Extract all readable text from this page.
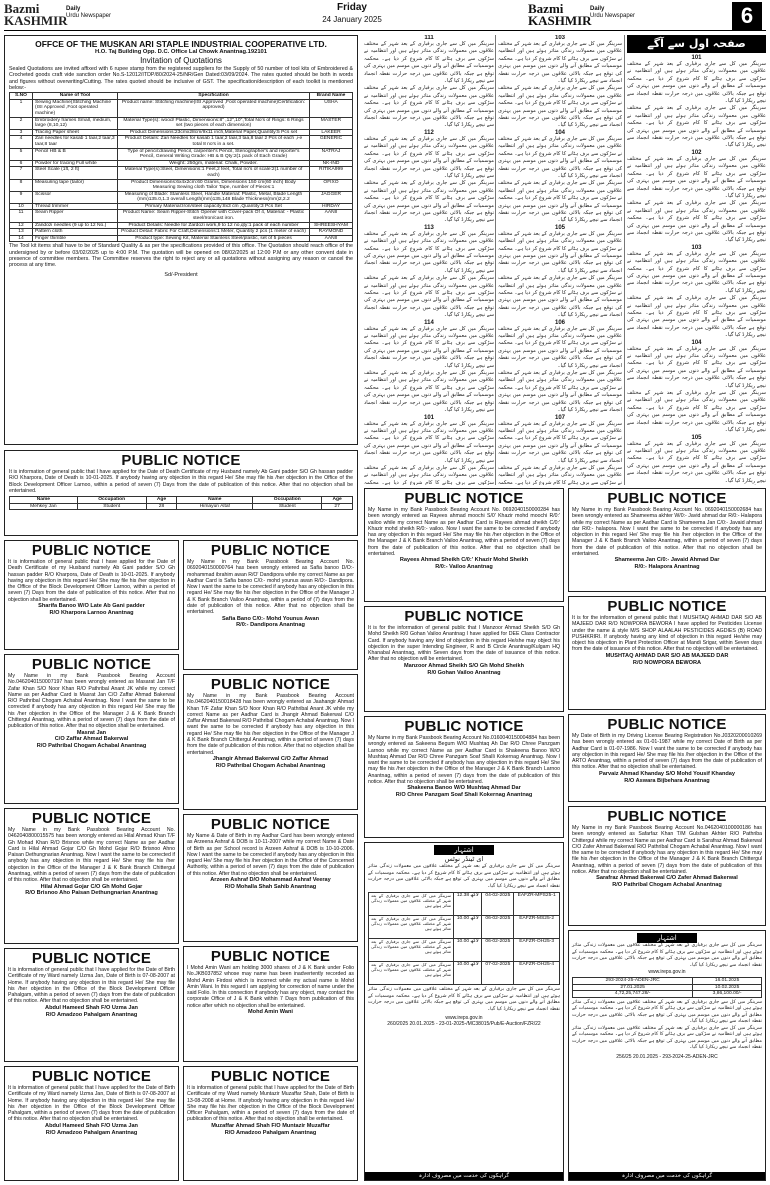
Bazmi
KASHMIR
Daily
Urdu Newspaper
Friday
24 January 2025
Bazmi
KASHMIR
Daily
Urdu Newspaper	6
OFFCE OF THE MUSKAN ARI STAPLE INDUSTRIAL COOPERATIVE LTD.
H.O. Taj Building Opp. D.C. Office Lal Chowk Anantnag.192101
Invitation of Quotations
Sealed Quotations are invited affixed with 6 rupee stamp from the registered suppliers for the Supply of 50 number of tool kits of Embroidered & Crocheted goods craft vide sanction order No.S-12012/ITDP/80/2024-25/NR/Gen Dated:03/09/2024. The rates quoted should be both in words and figures without overwriting/Cutting. The rates quoted should be inclusive of GST. The specification/description of each toolkit is mentioned below:-
S.NO	Name of Tool	Specification	Brand Name
1	Sewing Machine(Stitching Machine (ISI Approved ,Foot operated machine)	Product name: Stitching machine(ISI Approved ,Foot operated machine)Certification: approved)	USHA
2	Embroidery frames Small, medium, large (8,10,12)	Material Type(s): wood/ Plastic, Dimensions:8" ,12",10",Total No's of Rings: 6 Rings set (two pieces of each dimension)	MASTER
3	Tracing Paper sheet	Product Dimensions:23cmx28cm/9x11 inch,Material Paper,Quantity:5 Pcs set	LAKEER
4	Zari needles for kasab 1 taar,2 taar,3 taar,8 taar	Product Details: Zari Needles for kasab 1 taar,2 taar,3 taa,8 taar 2 Pcs of each ,i-e total 8 no's in a set.	GENERIC
5	Pencil HB & B	Type of pencil:drawing Pencil, carpenter's Pencil, Stenographer's and reporter's Pencil, General Writing Grade: HB & B Qty:2(1 pack of Each Grade)	NATRAJ
6	Powder for tracing Full white	Weight: 250gm, material: Chalk, Powder.	NK-IND
7	Steel Scale (1ft, 2 ft)	Material Type(s):Steel, Dimensions:1 Feet,2 feet, Total no's of scale:2(1 number of each)	RITIKA999
8	Measuring tape (tailor)	Product Dimensions:6x4x2cm:60 Grams, Dimensions 150 cm(60 inch) Body Measuring Sewing cloth Tailor Tape, number of Pieces:1	OFIXO
9	Scissor	Measuring of Blade: Stainless Steel, Handle Material: Plastic, Metal, Blade Length (mm)135.0,1.3 overall Length(mm)135,148 Blade Thickness(mm)2,2.2	JAGGER
10	Thread trimmer	Primary Material:Iron/steel capacity:8x3 cm ,Quantity:3 Pcs Set	HIRDAY
11	Seam Ripper	Product Name: Seam Ripper-Stitch Opener with Cover-pack Of 4, Material: - Plastic steel/Iron/cast iron.	AANII
12	Zandozi needles (9 up to 12 No.)	Product Details: Needle for Zardozi work,9 to 12 no,qty:1 pack of each number	SHREESHYAM
13	Pattern cloth	Product Detail: Fabric For Craft,Dimensions:1 Meter, Quantity 2 pcs (1 meter of each)	RAYMOND
14	Finger thimble	Product type: Sewing Kit, Material Stainless Steel/plastic, set of 5 pieces	AANII
The Tool kit items shall have to be of Standard Quality & as per the specifications provided of this office. The Quotation should reach office of the undersigned by or before 03/02/2025 up to 4:00 P.M. The quotation will be opened on 08/02/2025 at 12:00 P.M or any other convent date in presence of committee members. The Committee reserves the right to reject any or all quotations without assigning any reason or cancel the process at any time.
Sd/-President
111
سرینگر میں کل سے جاری برفباری کے بعد شہر کے مختلف علاقوں میں معمولات زندگی متاثر ہوئے ہیں اور انتظامیہ نے سڑکوں سے برف ہٹانے کا کام شروع کر دیا ہے۔ محکمہ موسمیات کے مطابق آنے والے دنوں میں موسم میں بہتری کی توقع ہے جبکہ بالائی علاقوں میں درجہ حرارت نقطہ انجماد سے نیچے ریکارڈ کیا گیا۔
سرینگر میں کل سے جاری برفباری کے بعد شہر کے مختلف علاقوں میں معمولات زندگی متاثر ہوئے ہیں اور انتظامیہ نے سڑکوں سے برف ہٹانے کا کام شروع کر دیا ہے۔ محکمہ موسمیات کے مطابق آنے والے دنوں میں موسم میں بہتری کی توقع ہے جبکہ بالائی علاقوں میں درجہ حرارت نقطہ انجماد سے نیچے ریکارڈ کیا گیا۔
112
سرینگر میں کل سے جاری برفباری کے بعد شہر کے مختلف علاقوں میں معمولات زندگی متاثر ہوئے ہیں اور انتظامیہ نے سڑکوں سے برف ہٹانے کا کام شروع کر دیا ہے۔ محکمہ موسمیات کے مطابق آنے والے دنوں میں موسم میں بہتری کی توقع ہے جبکہ بالائی علاقوں میں درجہ حرارت نقطہ انجماد سے نیچے ریکارڈ کیا گیا۔
سرینگر میں کل سے جاری برفباری کے بعد شہر کے مختلف علاقوں میں معمولات زندگی متاثر ہوئے ہیں اور انتظامیہ نے سڑکوں سے برف ہٹانے کا کام شروع کر دیا ہے۔ محکمہ موسمیات کے مطابق آنے والے دنوں میں موسم میں بہتری کی توقع ہے جبکہ بالائی علاقوں میں درجہ حرارت نقطہ انجماد سے نیچے ریکارڈ کیا گیا۔
113
سرینگر میں کل سے جاری برفباری کے بعد شہر کے مختلف علاقوں میں معمولات زندگی متاثر ہوئے ہیں اور انتظامیہ نے سڑکوں سے برف ہٹانے کا کام شروع کر دیا ہے۔ محکمہ موسمیات کے مطابق آنے والے دنوں میں موسم میں بہتری کی توقع ہے جبکہ بالائی علاقوں میں درجہ حرارت نقطہ انجماد سے نیچے ریکارڈ کیا گیا۔
سرینگر میں کل سے جاری برفباری کے بعد شہر کے مختلف علاقوں میں معمولات زندگی متاثر ہوئے ہیں اور انتظامیہ نے سڑکوں سے برف ہٹانے کا کام شروع کر دیا ہے۔ محکمہ موسمیات کے مطابق آنے والے دنوں میں موسم میں بہتری کی توقع ہے جبکہ بالائی علاقوں میں درجہ حرارت نقطہ انجماد سے نیچے ریکارڈ کیا گیا۔
114
سرینگر میں کل سے جاری برفباری کے بعد شہر کے مختلف علاقوں میں معمولات زندگی متاثر ہوئے ہیں اور انتظامیہ نے سڑکوں سے برف ہٹانے کا کام شروع کر دیا ہے۔ محکمہ موسمیات کے مطابق آنے والے دنوں میں موسم میں بہتری کی توقع ہے جبکہ بالائی علاقوں میں درجہ حرارت نقطہ انجماد سے نیچے ریکارڈ کیا گیا۔
سرینگر میں کل سے جاری برفباری کے بعد شہر کے مختلف علاقوں میں معمولات زندگی متاثر ہوئے ہیں اور انتظامیہ نے سڑکوں سے برف ہٹانے کا کام شروع کر دیا ہے۔ محکمہ موسمیات کے مطابق آنے والے دنوں میں موسم میں بہتری کی توقع ہے جبکہ بالائی علاقوں میں درجہ حرارت نقطہ انجماد سے نیچے ریکارڈ کیا گیا۔
101
سرینگر میں کل سے جاری برفباری کے بعد شہر کے مختلف علاقوں میں معمولات زندگی متاثر ہوئے ہیں اور انتظامیہ نے سڑکوں سے برف ہٹانے کا کام شروع کر دیا ہے۔ محکمہ موسمیات کے مطابق آنے والے دنوں میں موسم میں بہتری کی توقع ہے جبکہ بالائی علاقوں میں درجہ حرارت نقطہ انجماد سے نیچے ریکارڈ کیا گیا۔
سرینگر میں کل سے جاری برفباری کے بعد شہر کے مختلف علاقوں میں معمولات زندگی متاثر ہوئے ہیں اور انتظامیہ نے سڑکوں سے برف ہٹانے کا کام شروع کر دیا ہے۔ محکمہ
103
سرینگر میں کل سے جاری برفباری کے بعد شہر کے مختلف علاقوں میں معمولات زندگی متاثر ہوئے ہیں اور انتظامیہ نے سڑکوں سے برف ہٹانے کا کام شروع کر دیا ہے۔ محکمہ موسمیات کے مطابق آنے والے دنوں میں موسم میں بہتری کی توقع ہے جبکہ بالائی علاقوں میں درجہ حرارت نقطہ انجماد سے نیچے ریکارڈ کیا گیا۔
سرینگر میں کل سے جاری برفباری کے بعد شہر کے مختلف علاقوں میں معمولات زندگی متاثر ہوئے ہیں اور انتظامیہ نے سڑکوں سے برف ہٹانے کا کام شروع کر دیا ہے۔ محکمہ موسمیات کے مطابق آنے والے دنوں میں موسم میں بہتری کی توقع ہے جبکہ بالائی علاقوں میں درجہ حرارت نقطہ انجماد سے نیچے ریکارڈ کیا گیا۔
104
سرینگر میں کل سے جاری برفباری کے بعد شہر کے مختلف علاقوں میں معمولات زندگی متاثر ہوئے ہیں اور انتظامیہ نے سڑکوں سے برف ہٹانے کا کام شروع کر دیا ہے۔ محکمہ موسمیات کے مطابق آنے والے دنوں میں موسم میں بہتری کی توقع ہے جبکہ بالائی علاقوں میں درجہ حرارت نقطہ انجماد سے نیچے ریکارڈ کیا گیا۔
سرینگر میں کل سے جاری برفباری کے بعد شہر کے مختلف علاقوں میں معمولات زندگی متاثر ہوئے ہیں اور انتظامیہ نے سڑکوں سے برف ہٹانے کا کام شروع کر دیا ہے۔ محکمہ موسمیات کے مطابق آنے والے دنوں میں موسم میں بہتری کی توقع ہے جبکہ بالائی علاقوں میں درجہ حرارت نقطہ انجماد سے نیچے ریکارڈ کیا گیا۔
105
سرینگر میں کل سے جاری برفباری کے بعد شہر کے مختلف علاقوں میں معمولات زندگی متاثر ہوئے ہیں اور انتظامیہ نے سڑکوں سے برف ہٹانے کا کام شروع کر دیا ہے۔ محکمہ موسمیات کے مطابق آنے والے دنوں میں موسم میں بہتری کی توقع ہے جبکہ بالائی علاقوں میں درجہ حرارت نقطہ انجماد سے نیچے ریکارڈ کیا گیا۔
سرینگر میں کل سے جاری برفباری کے بعد شہر کے مختلف علاقوں میں معمولات زندگی متاثر ہوئے ہیں اور انتظامیہ نے سڑکوں سے برف ہٹانے کا کام شروع کر دیا ہے۔ محکمہ موسمیات کے مطابق آنے والے دنوں میں موسم میں بہتری کی توقع ہے جبکہ بالائی علاقوں میں درجہ حرارت نقطہ انجماد سے نیچے ریکارڈ کیا گیا۔
106
سرینگر میں کل سے جاری برفباری کے بعد شہر کے مختلف علاقوں میں معمولات زندگی متاثر ہوئے ہیں اور انتظامیہ نے سڑکوں سے برف ہٹانے کا کام شروع کر دیا ہے۔ محکمہ موسمیات کے مطابق آنے والے دنوں میں موسم میں بہتری کی توقع ہے جبکہ بالائی علاقوں میں درجہ حرارت نقطہ انجماد سے نیچے ریکارڈ کیا گیا۔
سرینگر میں کل سے جاری برفباری کے بعد شہر کے مختلف علاقوں میں معمولات زندگی متاثر ہوئے ہیں اور انتظامیہ نے سڑکوں سے برف ہٹانے کا کام شروع کر دیا ہے۔ محکمہ موسمیات کے مطابق آنے والے دنوں میں موسم میں بہتری کی توقع ہے جبکہ بالائی علاقوں میں درجہ حرارت نقطہ انجماد سے نیچے ریکارڈ کیا گیا۔
107
سرینگر میں کل سے جاری برفباری کے بعد شہر کے مختلف علاقوں میں معمولات زندگی متاثر ہوئے ہیں اور انتظامیہ نے سڑکوں سے برف ہٹانے کا کام شروع کر دیا ہے۔ محکمہ موسمیات کے مطابق آنے والے دنوں میں موسم میں بہتری کی توقع ہے جبکہ بالائی علاقوں میں درجہ حرارت نقطہ انجماد سے نیچے ریکارڈ کیا گیا۔
سرینگر میں کل سے جاری برفباری کے بعد شہر کے مختلف علاقوں میں معمولات زندگی متاثر ہوئے ہیں اور انتظامیہ نے سڑکوں سے برف ہٹانے کا کام شروع کر دیا ہے۔ محکمہ
صفحہ اول سے آگے
101
سرینگر میں کل سے جاری برفباری کے بعد شہر کے مختلف علاقوں میں معمولات زندگی متاثر ہوئے ہیں اور انتظامیہ نے سڑکوں سے برف ہٹانے کا کام شروع کر دیا ہے۔ محکمہ موسمیات کے مطابق آنے والے دنوں میں موسم میں بہتری کی توقع ہے جبکہ بالائی علاقوں میں درجہ حرارت نقطہ انجماد سے نیچے ریکارڈ کیا گیا۔
سرینگر میں کل سے جاری برفباری کے بعد شہر کے مختلف علاقوں میں معمولات زندگی متاثر ہوئے ہیں اور انتظامیہ نے سڑکوں سے برف ہٹانے کا کام شروع کر دیا ہے۔ محکمہ موسمیات کے مطابق آنے والے دنوں میں موسم میں بہتری کی توقع ہے جبکہ بالائی علاقوں میں درجہ حرارت نقطہ انجماد سے نیچے ریکارڈ کیا گیا۔
102
سرینگر میں کل سے جاری برفباری کے بعد شہر کے مختلف علاقوں میں معمولات زندگی متاثر ہوئے ہیں اور انتظامیہ نے سڑکوں سے برف ہٹانے کا کام شروع کر دیا ہے۔ محکمہ موسمیات کے مطابق آنے والے دنوں میں موسم میں بہتری کی توقع ہے جبکہ بالائی علاقوں میں درجہ حرارت نقطہ انجماد سے نیچے ریکارڈ کیا گیا۔
سرینگر میں کل سے جاری برفباری کے بعد شہر کے مختلف علاقوں میں معمولات زندگی متاثر ہوئے ہیں اور انتظامیہ نے سڑکوں سے برف ہٹانے کا کام شروع کر دیا ہے۔ محکمہ موسمیات کے مطابق آنے والے دنوں میں موسم میں بہتری کی توقع ہے جبکہ بالائی علاقوں میں درجہ حرارت نقطہ انجماد سے نیچے ریکارڈ کیا گیا۔
103
سرینگر میں کل سے جاری برفباری کے بعد شہر کے مختلف علاقوں میں معمولات زندگی متاثر ہوئے ہیں اور انتظامیہ نے سڑکوں سے برف ہٹانے کا کام شروع کر دیا ہے۔ محکمہ موسمیات کے مطابق آنے والے دنوں میں موسم میں بہتری کی توقع ہے جبکہ بالائی علاقوں میں درجہ حرارت نقطہ انجماد سے نیچے ریکارڈ کیا گیا۔
سرینگر میں کل سے جاری برفباری کے بعد شہر کے مختلف علاقوں میں معمولات زندگی متاثر ہوئے ہیں اور انتظامیہ نے سڑکوں سے برف ہٹانے کا کام شروع کر دیا ہے۔ محکمہ موسمیات کے مطابق آنے والے دنوں میں موسم میں بہتری کی توقع ہے جبکہ بالائی علاقوں میں درجہ حرارت نقطہ انجماد سے نیچے ریکارڈ کیا گیا۔
104
سرینگر میں کل سے جاری برفباری کے بعد شہر کے مختلف علاقوں میں معمولات زندگی متاثر ہوئے ہیں اور انتظامیہ نے سڑکوں سے برف ہٹانے کا کام شروع کر دیا ہے۔ محکمہ موسمیات کے مطابق آنے والے دنوں میں موسم میں بہتری کی توقع ہے جبکہ بالائی علاقوں میں درجہ حرارت نقطہ انجماد سے نیچے ریکارڈ کیا گیا۔
سرینگر میں کل سے جاری برفباری کے بعد شہر کے مختلف علاقوں میں معمولات زندگی متاثر ہوئے ہیں اور انتظامیہ نے سڑکوں سے برف ہٹانے کا کام شروع کر دیا ہے۔ محکمہ موسمیات کے مطابق آنے والے دنوں میں موسم میں بہتری کی توقع ہے جبکہ بالائی علاقوں میں درجہ حرارت نقطہ انجماد سے نیچے ریکارڈ کیا گیا۔
105
سرینگر میں کل سے جاری برفباری کے بعد شہر کے مختلف علاقوں میں معمولات زندگی متاثر ہوئے ہیں اور انتظامیہ نے سڑکوں سے برف ہٹانے کا کام شروع کر دیا ہے۔ محکمہ موسمیات کے مطابق آنے والے دنوں میں موسم میں بہتری کی توقع ہے جبکہ بالائی علاقوں میں درجہ حرارت نقطہ انجماد سے نیچے ریکارڈ کیا گیا۔
PUBLIC NOTICE
It is information of general public that I have applied for the Date of Death Certificate of my Husband namely Ab Gani padder S/O Gh hassan padder R/O Kharpora, Date of Death is 10-01-2025. If anybody having any objection in this regard He/ She may file his /her objection in the Office of the Block Development Officer Larnoo, within a period of seven (7) Days from the date of publication of this notice. After that no objection shall be entertained.
Name	Occupation	Age	Name	Occupation	Age
Mehkey Jan	Student	28	Himayun Altaf	Student	27
PUBLIC NOTICE
It is information of general public that I have applied for the Date of Death Certificate of my Husband namely Ab Gani padder S/O Gh hassan padder R/O Kharpora, Date of Death is 10-01-2025. If anybody having any objection in this regard He/ She may file his /her objection in the Office of the Block Development Officer Larnoo, within a period of seven (7) Days from the date of publication of this notice. After that no objection shall be entertained.
Sharifa Banoo W/O Late Ab Gani padder
R/O Kharpora Larnoo Anantnag
PUBLIC NOTICE
My Name in my Bank Passbook Bearing Account No.0462040150007197 has been wrongly entered as Masarat Jan T/F Zafar Khan S/O Noor Khan R/O Pathribal Anant JK while my correct Name as per Aadhar Card is Masrat Jan C/O Zaffar Ahmad Bakerwal R/O Pathribal Chogam Achabal Anantnag. Now I want the same to be corrected if anybody has any objection in this regard He/ She may file his /her objection in the Office of the Manager J & K Bank Branch Chittergul Anantnag, within a period of seven (7) days from the date of publication of this notice. After that no objection shall be entertained.
Masrat Jan
C/O Zaffar Ahmad Bakerwal
R/O Pathribal Chogam Achabal Anantnag
PUBLIC NOTICE
My Name in my Bank Passbook Bearing Account No. 0462040800015575 has been wrongly entered as Hilal Ahmad Khan T/F Gh Mohad Khan R/O Brisnoo while my correct Name as per Aadhar Card is Hilal Ahmad Gojar C/O Gh Mohd Gojar R/O Brisnoo Ahno Paisan Dethungnarian Anantnag. Now I want the same to be corrected if anybody has any objection in this regard He/ She may file his /her objection in the Office of the Manager J & K Bank Branch Chittergul Anantnag, within a period of seven (7) days from the date of publication of this notice. After that no objection shall be entertained.
Hilal Ahmad Gojar C/O Gh Mohd Gojar
R/O Brisnoo Aho Paisan Dethungnarian Anantnag
PUBLIC NOTICE
It is information of general public that I have applied for the Date of Birth Certificate of my Ward namely Uzma Jan, Date of Birth is 07-08-2007 at Home. If anybody having any objection in this regard He/ She may file his /her objection in the Office of the Block Development Officer Pahalgam, within a period of seven (7) days from the date of publication of this notice. After that no objection shall be entertained.
Abdul Hameed Shah F/O Uzma Jan
R/O Amadzoo Pahalgam Anantnag
PUBLIC NOTICE
It is information of general public that I have applied for the Date of Birth Certificate of my Ward namely Uzma Jan, Date of Birth is 07-08-2007 at Home. If anybody having any objection in this regard He/ She may file his /her objection in the Office of the Block Development Officer Pahalgam, within a period of seven (7) days from the date of publication of this notice. After that no objection shall be entertained.
Abdul Hameed Shah F/O Uzma Jan
R/O Amadzoo Pahalgam Anantnag
PUBLIC NOTICE
My Name in my Bank Passbook Bearing Account No. 0692040150000764 has been wrongly entered as Safia banoo D/O:- mohammad ibrahim awan R/O' Dandipora while my correct Name as per Aadhar Card is Safia banoo C/0:- mohd younus awan R/O:- Dandipora. Now I want the same to be corrected if anybody has any objection in this regard He/ She may file his /her objection in the Office of the Manager J & K Bank Branch Vailoo Anantnag, within a period of (7) days from the date of publication of this notice. After that no objection shall be entertained.
Safia Bano C/0:- Mohd Younus Awan
R/0:- Dandipora Anantnag
PUBLIC NOTICE
My Name in my Bank Passbook Bearing Account No.0462040150018428 has been wrongly entered as Jaahangir Ahmad Khan T/F Zafar Khan S/O Noor Khan R/O Pathribal Anant JK while my correct Name as per Aadhar Card is Jhangir Ahmad Bakerwal C/O Zaffar Ahmad Bakerwal R/O Pathribal Chogam Achabal Anantnag. Now I want the same to be corrected if anybody has any objection in this regard He/ She may file his /her objection in the Office of the Manager J & K Bank Branch Chittergul Anantnag, within a period of seven (7) days from the date of publication of this notice. After that no objection shall be entertained.
Jhangir Ahmad Bakerwal C/O Zaffar Ahmad
R/O Pathribal Chogam Achabal Anantnag
PUBLIC NOTICE
My Name & Date of Birth in my Aadhar Card has been wrongly entered as Arzeena Ashraf & DOB is 10-11-2007 while my correct Name & Date of Birth as per School record is Arzeen Ashraf & DOB is 10-10-2006. Now I want the same to be corrected if anybody has any objection in this regard He/ She may file his /her objection in the Office of the Concerned Authority, within a period of seven (7) days from the date of publication of this notice. After that no objection shall be entertained.
Arzeen Ashraf D/O Mohammad Ashraf Veeray
R/O Mohalla Shah Sahib Anantnag
PUBLIC NOTICE
I Mohd Amin Wani am holding 3000 shares of J & K Bank under Folio No.JKB037852 whose may name has been inadvertently recorded as Mohd Amin Firdosi which is incorrect while my actual name is Mohd Amin Wani. In this regard I am applying for correction of name under the said Folio. In this connection if anybody has any object, may contact the corporate Office of J & K Bank within 7 Days from publication of this notice after which no objection shall be entertained.
Mohd Amin Wani
PUBLIC NOTICE
It is information of general public that I have applied for the Date of Birth Certificate of my Ward namely Muntazir Muzaffar Shah, Date of Birth is 13-08-2008 at Home. If anybody having any objection in this regard He/ She may file his /her objection in the Office of the Block Development Officer Pahalgam, within a period of seven (7) days from the date of publication of this notice. After that no objection shall be entertained.
Muzaffar Ahmad Shah F/O Muntazir Muzaffar
R/O Amadzoo Pahalgam Anantnag
PUBLIC NOTICE
My Name in my Bank Passbook Bearing Account No. 0692040150000284 has been wrongly entered as Rayees ahmad moochi S/0' Khazir mohd moochi R/0:' vailoo while my correct Name as per Aadhar Card is Rayees ahmad sheikh C/0:' Khazir mohd sheikh R/0:- vailoo. Now I want the same to be corrected if anybody has any objection in this regard He/ She may file his /her objection in the Office of the Manager J & K Bank Branch Vailoo Anantnag, within a period of seven (7) days from the date of publication of this notice. After that no objection shall be entertained.
Rayees Ahmad Sheikh C/0:' Khazir Mohd Sheikh
R/0:- Vailoo Anantnag
PUBLIC NOTICE
It is for the information of general public that I Manzoor Ahmad Sheikh S/O Gh Mohd Sheikh R/0 Gohan Vailoo Anantnag I have applied for DEE Class Contractor Card. If anybody having any kind of objection in this regard He/she may object his objection in the super Intending Engineer, R and B Circle Anantnag/Kulgam HQ Khanabal Anantnag, within Seven days from the date of issuance of this notice. After that no objection will be entertained.
Manzoor Ahmad Sheikh S/O Gh Mohd Sheikh
R/0 Gohan Vailoo Anantnag
PUBLIC NOTICE
My Name in my Bank Passbook Bearing Account No.0160040150004884 has been wrongly entered as Sakeena Begum W/O Mushtaq Ah Dar R/O Chree Panzgam Larnoo while my correct Name as per Aadhar Card is Shakeena Banoo W/O Mushtaq Ahmad Dar R/O Chree Panzgam Soaf Shalli Kokernag Anantnag. Now I want the same to be corrected if anybody has any objection in this regard He/ She may file his /her objection in the Office of the Manager J & K Bank Branch Larnoo Anantnag, within a period of seven (7) days from the date of publication of this notice. After that no objection shall be entertained.
Shakeena Banoo W/O Mushtaq Ahmad Dar
R/O Chree Panzgam Soaf Shali Kokernag Anantnag
PUBLIC NOTICE
My Name in my Bank Passbook Bearing Account No. 0692040150002684 has been wrongly entered as Shameema akhter W/0:- Javid ahmad dar R/0:- Halapora while my correct Name as per Aadhar Card is Shameema Jan C/0:- Javaid ahmad dar R/0:- halapora. Now I want the same to be corrected if anybody has any objection in this regard He/ She may file his /her objection in the Office of the Manager J & K Bank Branch Vailoo Anantnag, within a period of seven (7) days from the date of publication of this notice. After that no objection shall be entertained.
Shameema Jan C/0:- Javaid Ahmad Dar
R/0:- Halapora Anantnag
PUBLIC NOTICE
It is for the information of general public that I MUSHTAQ AHMAD DAR S/O AB MAJEED DAR R/O NOWPORA BEWORA I have applied for Pesticides License under the name & style M/S SHOP ALAALAH PESTICIDES AGDIES (B) ROAD PUSHKRIRI. If anybody having any kind of objection in this regard He/she may object his objection in Plant Protection Officer at Mandi Srigar, within Seven days from the date of issuance of this notice. After that no objection will be entertained.
MUSHTAQ AHMAD DAR S/O AB MAJEED DAR
R/O NOWPORA BEWORA
PUBLIC NOTICE
My Date of Birth in my Driving License Bearing Registration No.J0320200010269 has been wrongly entered as 01-01-1987 while my correct Date of Birth as per Aadhar Card is 01-07-1986. Now I want the same to be corrected if anybody has any objection in this regard He/ She may file his /her objection in the Office of the ARTO Anantnag, within a period of seven (7) days from the date of publication of this notice. After that no objection shall be entertained.
Parvaiz Ahmad Khanday S/O Mohd Yousif Khanday
R/O Aswara Bijbehara Anantnag
PUBLIC NOTICE
My Name in my Bank Passbook Bearing Account No.0462040100000186 has been wrongly entered as Safarfaz Khan T/M Gulshan Akhter R/O Pathriba Chittergul while my correct Name as per Aadhar Card is Sarafraz Ahmad Bakerwal C/O Zafer Ahmad Bakerwal R/O Pathribal Chogam Achabal Anantnag. Now I want the same to be corrected if anybody has any objection in this regard He/ She may file his /her objection in the Office of the Manager J & K Bank Branch Chittergul Anantnag, within a period of seven (7) days from the date of publication of this notice. After that no objection shall be entertained.
Sarafraz Ahmad Bakerwal C/O Zafer Ahmad Bakerwal
R/O Pathribal Chogam Achabal Anantnag
اشتہار
ای ٹینڈر نوٹس
سرینگر میں کل سے جاری برفباری کے بعد شہر کے مختلف علاقوں میں معمولات زندگی متاثر ہوئے ہیں اور انتظامیہ نے سڑکوں سے برف ہٹانے کا کام شروع کر دیا ہے۔ محکمہ موسمیات کے مطابق آنے والے دنوں میں موسم میں بہتری کی توقع ہے جبکہ بالائی علاقوں میں درجہ حرارت نقطہ انجماد سے نیچے ریکارڈ کیا گیا۔
سرینگر میں کل سے جاری برفباری کے بعد شہر کے مختلف علاقوں میں معمولات زندگی متاثر ہوئے ہیں	12.38 لاکھ	04-02-2025	EAFZR-MPS25-1
سرینگر میں کل سے جاری برفباری کے بعد شہر کے مختلف علاقوں میں معمولات زندگی متاثر ہوئے ہیں	10.00 لاکھ	06-02-2025	EAFZR-MS25-2
سرینگر میں کل سے جاری برفباری کے بعد شہر کے مختلف علاقوں میں معمولات زندگی متاثر ہوئے ہیں	10.00 لاکھ	06-02-2025	EAFZR-OH25-3
سرینگر میں کل سے جاری برفباری کے بعد شہر کے مختلف علاقوں میں معمولات زندگی متاثر ہوئے ہیں	10.00 لاکھ	07-02-2025	EAFZR-OH25-4
سرینگر میں کل سے جاری برفباری کے بعد شہر کے مختلف علاقوں میں معمولات زندگی متاثر ہوئے ہیں اور انتظامیہ نے سڑکوں سے برف ہٹانے کا کام شروع کر دیا ہے۔ محکمہ موسمیات کے مطابق آنے والے دنوں میں موسم میں بہتری کی توقع ہے جبکہ بالائی علاقوں میں درجہ حرارت نقطہ انجماد سے نیچے ریکارڈ کیا گیا۔
www.ireps.gov.in
260/2025 20.01.2025 - 23-01-2025-/MC38015/Pub/E-Auction/FZR/22
گراہکوں کی خدمت میں مصروف ادارہ
اشتہار
سرینگر میں کل سے جاری برفباری کے بعد شہر کے مختلف علاقوں میں معمولات زندگی متاثر ہوئے ہیں اور انتظامیہ نے سڑکوں سے برف ہٹانے کا کام شروع کر دیا ہے۔ محکمہ موسمیات کے مطابق آنے والے دنوں میں موسم میں بہتری کی توقع ہے جبکہ بالائی علاقوں میں درجہ حرارت نقطہ انجماد سے نیچے ریکارڈ کیا گیا۔
www.ireps.gov.in
293-2024-25-ADEN-JRC	16.01.2025
27.01.2025	10.02.2025
4,72,25,747.28/-	3,86,100.00/-
سرینگر میں کل سے جاری برفباری کے بعد شہر کے مختلف علاقوں میں معمولات زندگی متاثر ہوئے ہیں اور انتظامیہ نے سڑکوں سے برف ہٹانے کا کام شروع کر دیا ہے۔ محکمہ موسمیات کے مطابق آنے والے دنوں میں موسم میں بہتری کی توقع ہے جبکہ بالائی علاقوں میں درجہ حرارت نقطہ انجماد سے نیچے ریکارڈ کیا گیا۔
سرینگر میں کل سے جاری برفباری کے بعد شہر کے مختلف علاقوں میں معمولات زندگی متاثر ہوئے ہیں اور انتظامیہ نے سڑکوں سے برف ہٹانے کا کام شروع کر دیا ہے۔ محکمہ موسمیات کے مطابق آنے والے دنوں میں موسم میں بہتری کی توقع ہے جبکہ بالائی علاقوں میں درجہ حرارت نقطہ انجماد سے نیچے ریکارڈ کیا گیا۔
256/25 20.01.2025 - 293-2024-25-ADEN-JRC
گراہکوں کی خدمت میں مصروف ادارہ
